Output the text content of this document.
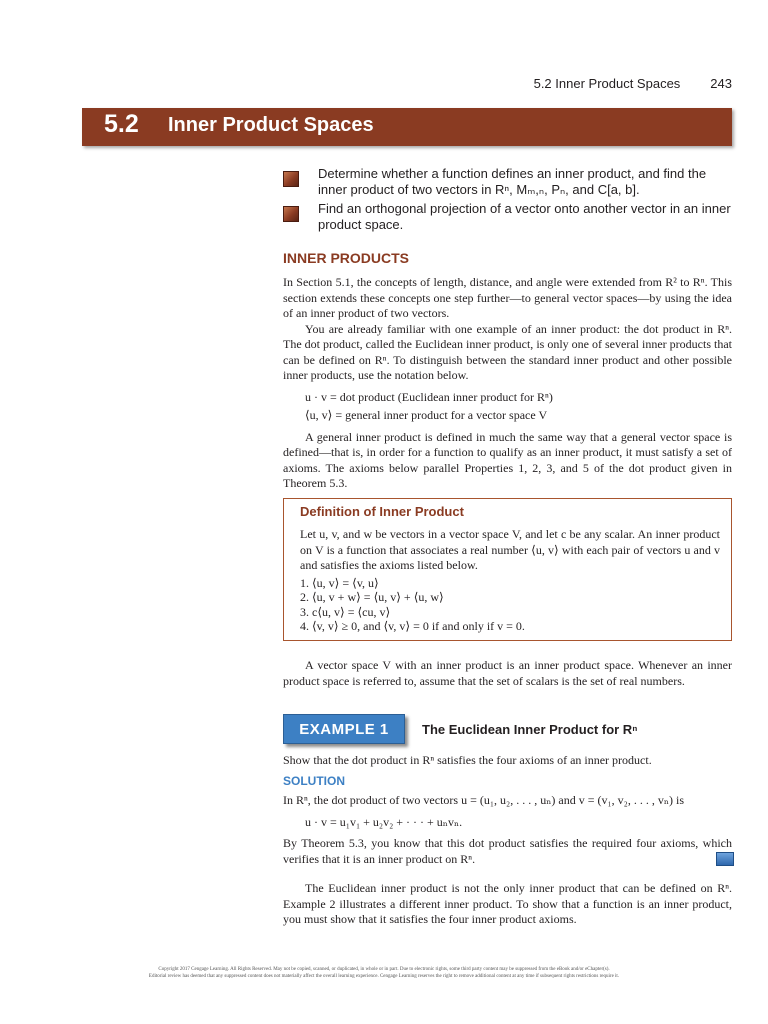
5.2 Inner Product Spaces 243
5.2 Inner Product Spaces

Determine whether a function defines an inner product, and find the inner product of two vectors in Rⁿ, Mₘ,ₙ, Pₙ, and C[a, b].

Find an orthogonal projection of a vector onto another vector in an inner product space.

INNER PRODUCTS

In Section 5.1, the concepts of length, distance, and angle were extended from R² to Rⁿ. This section extends these concepts one step further—to general vector spaces—by using the idea of an inner product of two vectors.

You are already familiar with one example of an inner product: the dot product in Rⁿ. The dot product, called the Euclidean inner product, is only one of several inner products that can be defined on Rⁿ. To distinguish between the standard inner product and other possible inner products, use the notation below.

u · v = dot product (Euclidean inner product for Rⁿ)

⟨u, v⟩ = general inner product for a vector space V

A general inner product is defined in much the same way that a general vector space is defined—that is, in order for a function to qualify as an inner product, it must satisfy a set of axioms. The axioms below parallel Properties 1, 2, 3, and 5 of the dot product given in Theorem 5.3.

Definition of Inner Product

Let u, v, and w be vectors in a vector space V, and let c be any scalar. An inner product on V is a function that associates a real number ⟨u, v⟩ with each pair of vectors u and v and satisfies the axioms listed below.

1. ⟨u, v⟩ = ⟨v, u⟩
2. ⟨u, v + w⟩ = ⟨u, v⟩ + ⟨u, w⟩
3. c⟨u, v⟩ = ⟨cu, v⟩
4. ⟨v, v⟩ ≥ 0, and ⟨v, v⟩ = 0 if and only if v = 0.

A vector space V with an inner product is an inner product space. Whenever an inner product space is referred to, assume that the set of scalars is the set of real numbers.

EXAMPLE 1	The Euclidean Inner Product for Rⁿ
Show that the dot product in Rⁿ satisfies the four axioms of an inner product.
SOLUTION

In Rⁿ, the dot product of two vectors u = (u₁, u₂, . . . , uₙ) and v = (v₁, v₂, . . . , vₙ) is

u · v = u₁v₁ + u₂v₂ + · · · + uₙvₙ.

By Theorem 5.3, you know that this dot product satisfies the required four axioms, which verifies that it is an inner product on Rⁿ.

The Euclidean inner product is not the only inner product that can be defined on Rⁿ. Example 2 illustrates a different inner product. To show that a function is an inner product, you must show that it satisfies the four inner product axioms.

Copyright 2017 Cengage Learning. All Rights Reserved. May not be copied, scanned, or duplicated, in whole or in part. Due to electronic rights, some third party content may be suppressed from the eBook and/or eChapter(s).

Editorial review has deemed that any suppressed content does not materially affect the overall learning experience. Cengage Learning reserves the right to remove additional content at any time if subsequent rights restrictions require it.
